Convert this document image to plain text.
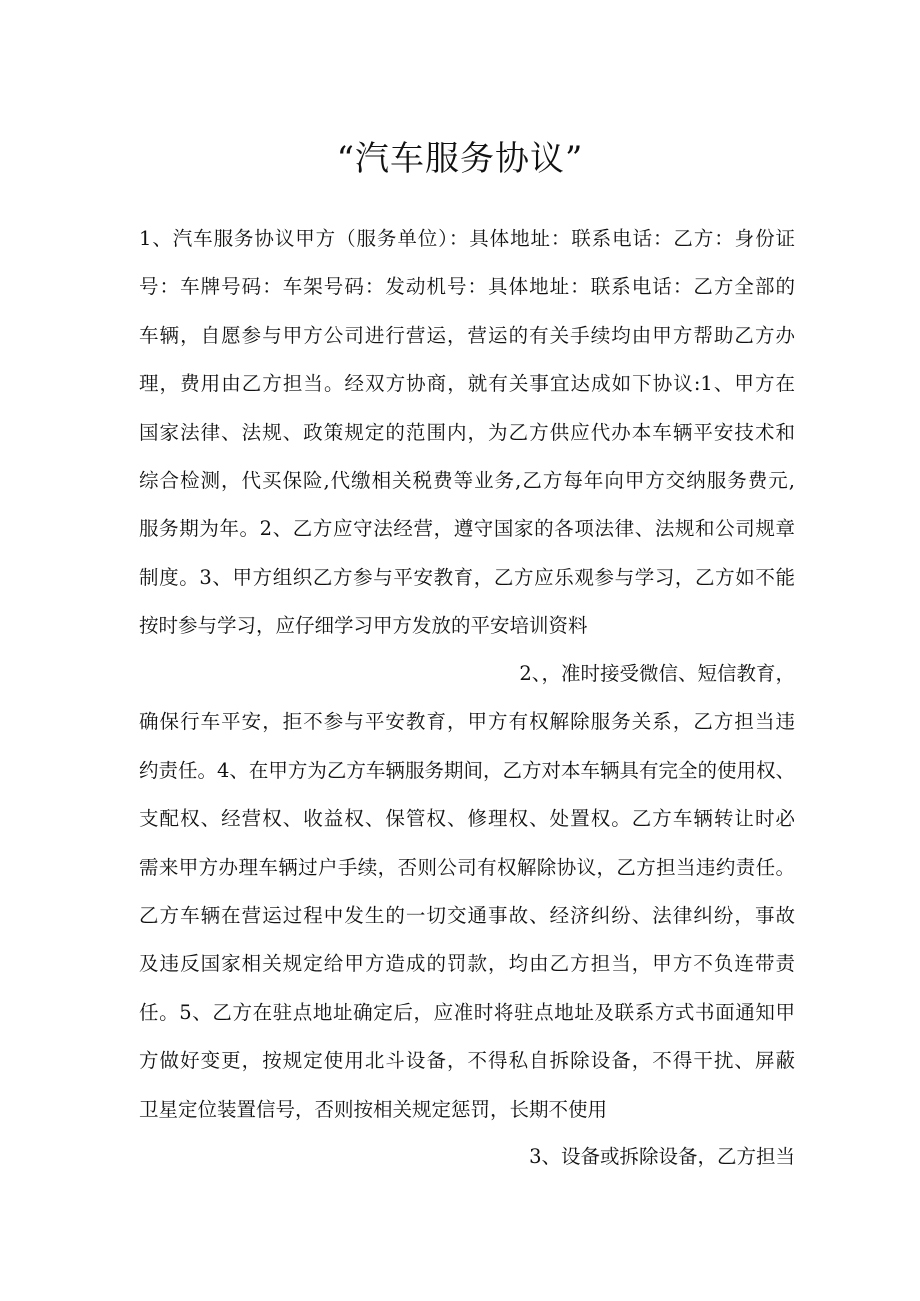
“汽车服务协议”
1、汽车服务协议甲方（服务单位）：具体地址：联系电话：乙方：身份证
号：车牌号码：车架号码：发动机号：具体地址：联系电话：乙方全部的
车辆，自愿参与甲方公司进行营运，营运的有关手续均由甲方帮助乙方办
理，费用由乙方担当。经双方协商，就有关事宜达成如下协议:1、甲方在
国家法律、法规、政策规定的范围内，为乙方供应代办本车辆平安技术和
综合检测，代买保险,代缴相关税费等业务,乙方每年向甲方交纳服务费元,
服务期为年。2、乙方应守法经营，遵守国家的各项法律、法规和公司规章
制度。3、甲方组织乙方参与平安教育，乙方应乐观参与学习，乙方如不能
按时参与学习，应仔细学习甲方发放的平安培训资料
2、，准时接受微信、短信教育，
确保行车平安，拒不参与平安教育，甲方有权解除服务关系，乙方担当违
约责任。4、在甲方为乙方车辆服务期间，乙方对本车辆具有完全的使用权、
支配权、经营权、收益权、保管权、修理权、处置权。乙方车辆转让时必
需来甲方办理车辆过户手续，否则公司有权解除协议，乙方担当违约责任。
乙方车辆在营运过程中发生的一切交通事故、经济纠纷、法律纠纷，事故
及违反国家相关规定给甲方造成的罚款，均由乙方担当，甲方不负连带责
任。5、乙方在驻点地址确定后，应准时将驻点地址及联系方式书面通知甲
方做好变更，按规定使用北斗设备，不得私自拆除设备，不得干扰、屏蔽
卫星定位装置信号，否则按相关规定惩罚，长期不使用
3、设备或拆除设备，乙方担当
